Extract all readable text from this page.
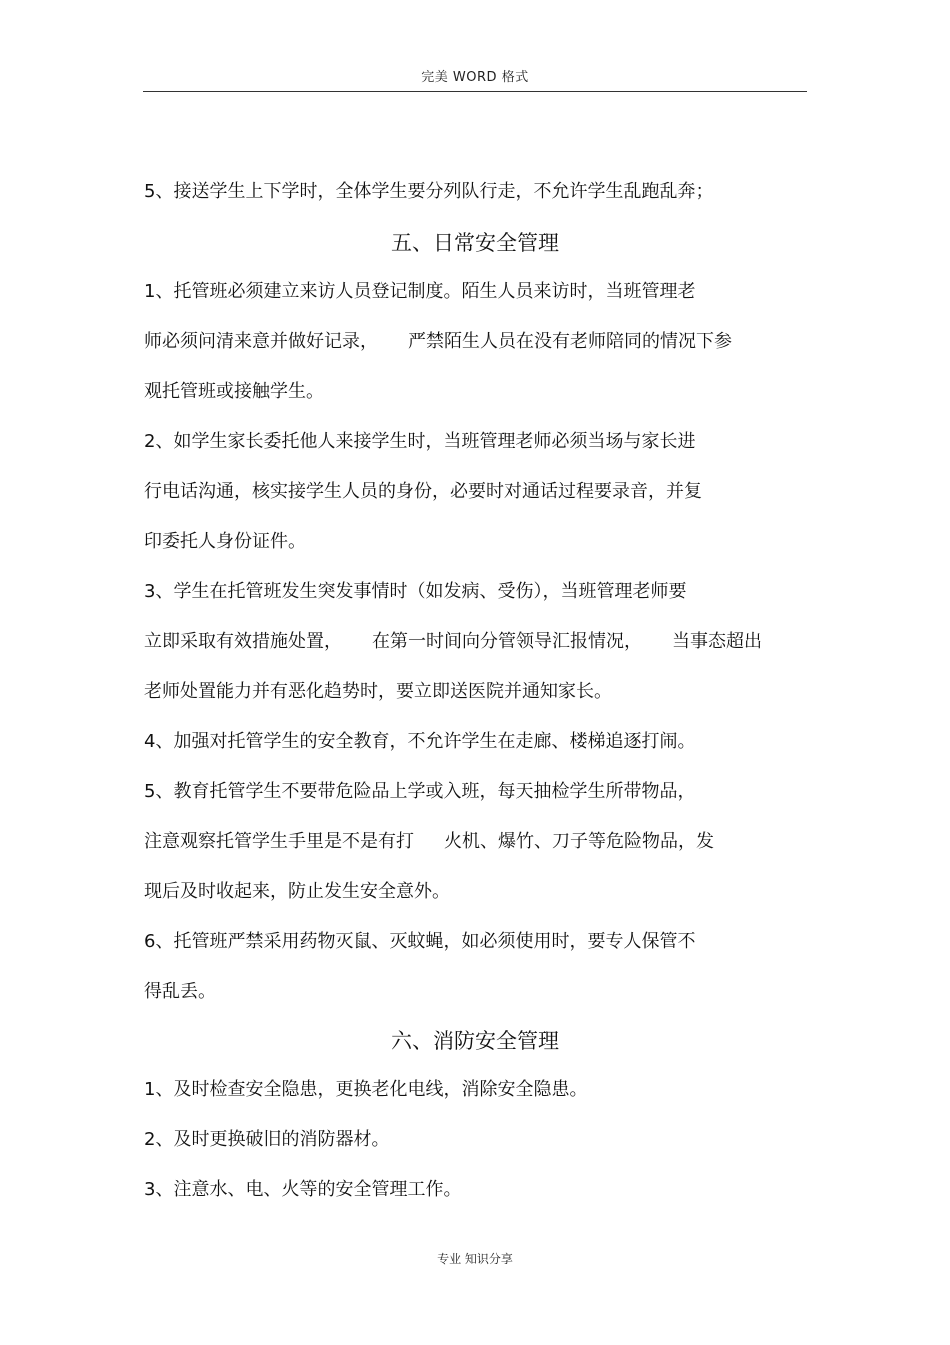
完美 WORD 格式
5、接送学生上下学时，全体学生要分列队行走，不允许学生乱跑乱奔；
五、日常安全管理
1、托管班必须建立来访人员登记制度。陌生人员来访时，当班管理老
师必须问清来意并做好记录， 严禁陌生人员在没有老师陪同的情况下参
观托管班或接触学生。
2、如学生家长委托他人来接学生时，当班管理老师必须当场与家长进
行电话沟通，核实接学生人员的身份，必要时对通话过程要录音，并复
印委托人身份证件。
3、学生在托管班发生突发事情时（如发病、受伤），当班管理老师要
立即采取有效措施处置， 在第一时间向分管领导汇报情况， 当事态超出
老师处置能力并有恶化趋势时，要立即送医院并通知家长。
4、加强对托管学生的安全教育，不允许学生在走廊、楼梯追逐打闹。
5、教育托管学生不要带危险品上学或入班，每天抽检学生所带物品，
注意观察托管学生手里是不是有打 火机、爆竹、刀子等危险物品，发
现后及时收起来，防止发生安全意外。
6、托管班严禁采用药物灭鼠、灭蚊蝇，如必须使用时，要专人保管不
得乱丢。
六、消防安全管理
1、及时检查安全隐患，更换老化电线，消除安全隐患。
2、及时更换破旧的消防器材。
3、注意水、电、火等的安全管理工作。
专业 知识分享
